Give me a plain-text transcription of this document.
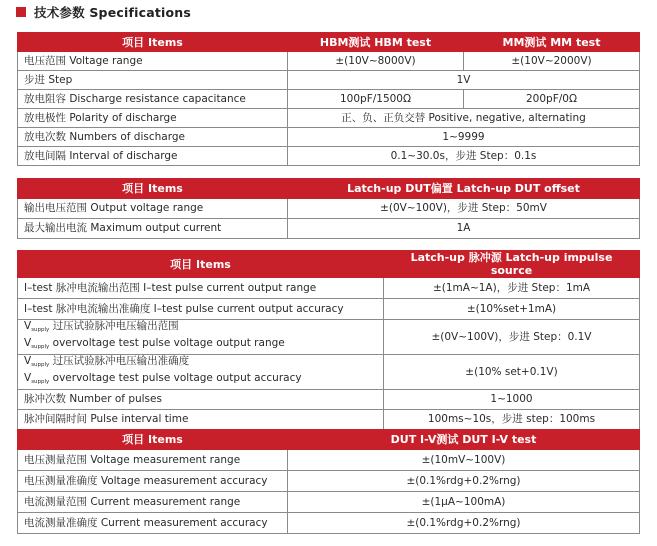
技术参数 Specifications
项目 Items	HBM测试 HBM test	MM测试 MM test
电压范围 Voltage range	±(10V~8000V)	±(10V~2000V)
步进 Step	1V	
放电阻容 Discharge resistance capacitance	100pF/1500Ω	200pF/0Ω
放电极性 Polarity of discharge	正、负、正负交替 Positive, negative, alternating	
放电次数 Numbers of discharge	1~9999	
放电间隔 Interval of discharge	0.1~30.0s，步进 Step：0.1s	
项目 Items	Latch-up DUT偏置 Latch-up DUT offset
输出电压范围 Output voltage range	±(0V~100V)，步进 Step：50mV
最大输出电流 Maximum output current	1A
项目 Items	Latch-up 脉冲源 Latch-up impulse source
I–test 脉冲电流输出范围 I–test pulse current output range	±(1mA~1A)，步进 Step：1mA
I–test 脉冲电流输出准确度 I–test pulse current output accuracy	±(10%set+1mA)

$V_{supply}$ 过压试验脉冲电压输出范围
$V_{supply}$ overvoltage test pulse voltage output range	±(0V~100V)，步进 Step：0.1V

$V_{supply}$ 过压试验脉冲电压输出准确度
$V_{supply}$ overvoltage test pulse voltage output accuracy	±(10% set+0.1V)
脉冲次数 Number of pulses	1~1000
脉冲间隔时间 Pulse interval time	100ms~10s，步进 step：100ms
项目 Items	DUT I-V测试 DUT I-V test
电压测量范围 Voltage measurement range	±(10mV~100V)
电压测量准确度 Voltage measurement accuracy	±(0.1%rdg+0.2%rng)
电流测量范围 Current measurement range	±(1μA~100mA)
电流测量准确度 Current measurement accuracy	±(0.1%rdg+0.2%rng)
